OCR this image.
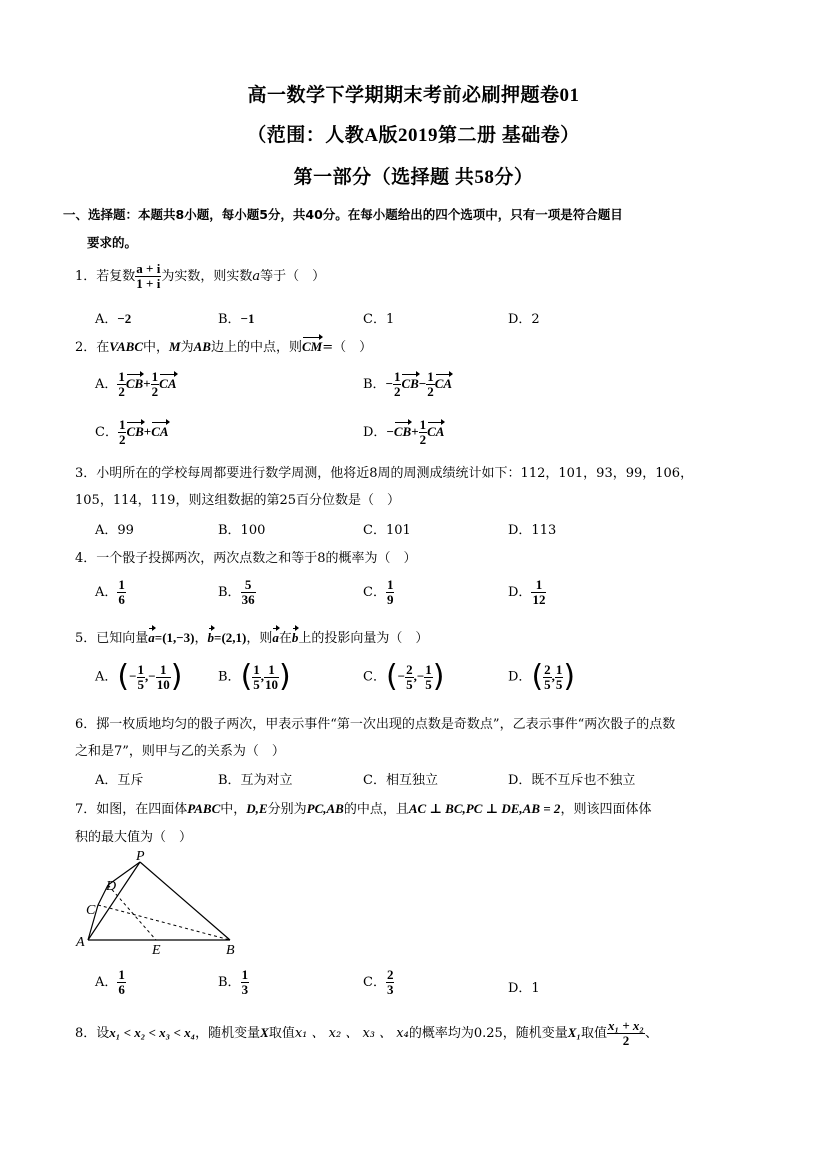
高一数学下学期期末考前必刷押题卷01
（范围：人教A版2019第二册 基础卷）
第一部分（选择题 共58分）
一、选择题：本题共8小题，每小题5分，共40分。在每小题给出的四个选项中，只有一项是符合题目
要求的。
1．若复数 $\frac{a + i}{1 + i}$ 为实数，则实数a等于（　）
A．−2	B．−1	C．1	D．2
2．在VABC中，M为AB边上的中点，则CM=（　）
A． $\frac{1}{2} CB+ \frac{1}{2}$ CA	B．− $\frac{1}{2} CB- \frac{1}{2}$ CA
C． $\frac{1}{2} CB+CA$	D．$-CB+ \frac{1}{2}$ CA
3．小明所在的学校每周都要进行数学周测，他将近8周的周测成绩统计如下：112，101，93，99，106，
105，114，119，则这组数据的第25百分位数是（　）
A．99	B．100	C．101	D．113
4．一个骰子投掷两次，两次点数之和等于8的概率为（　）
A． $\frac{1}{6}$	B． $\frac{5}{36}$	C． $\frac{1}{9}$	D． $\frac{1}{12}$
5．已知向量a=(1,−3)，b=(2,1)，则a在b上的投影向量为（　）
A．(− $\frac{1}{5}$ ,− $\frac{1}{10}$ )	B．( $\frac{1}{5}$ , $\frac{1}{10}$ )	C．(− $\frac{2}{5}$ ,− $\frac{1}{5}$ )	D．( $\frac{2}{5}$ , $\frac{1}{5}$ )
6．掷一枚质地均匀的骰子两次，甲表示事件“第一次出现的点数是奇数点”，乙表示事件“两次骰子的点数
之和是7”，则甲与乙的关系为（　）
A．互斥	B．互为对立	C．相互独立	D．既不互斥也不独立
7．如图，在四面体PABC中，D,E分别为PC,AB的中点，且AC ⊥ BC,PC ⊥ DE,AB = 2，则该四面体体
积的最大值为（　）
P
D
C
A
E	B
A． $\frac{1}{6}$	B． $\frac{1}{3}$	C． $\frac{2}{3}$	D．1
8．设x₁ < x₂ < x₃ < x₄，随机变量X取值x₁ 、 x₂ 、 x₃ 、 x₄的概率均为0.25，随机变量X₁取值 $\frac{\text{x₁ + x₂}}{2}$ 、
